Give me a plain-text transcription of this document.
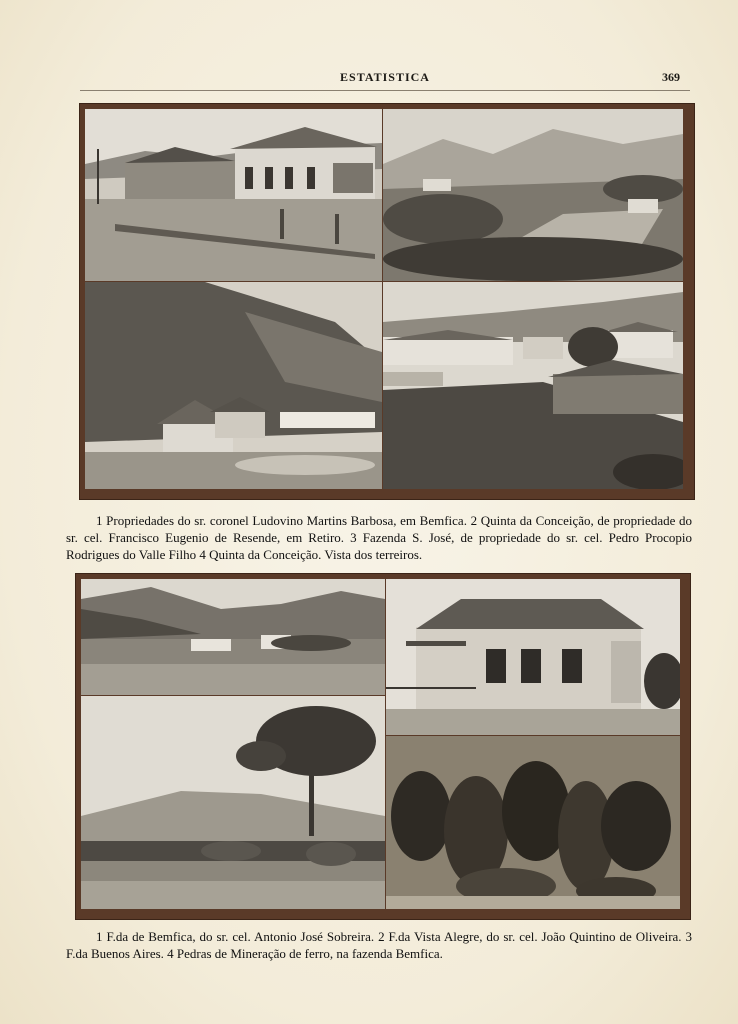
ESTATISTICA	369

1 Propriedades do sr. coronel Ludovino Martins Barbosa, em Bemfica. 2 Quinta da Conceição, de propriedade do sr. cel. Francisco Eugenio de Resende, em Retiro. 3 Fazenda S. José, de propriedade do sr. cel. Pedro Procopio Rodrigues do Valle Filho 4 Quinta da Conceição. Vista dos terreiros.

1 F.da de Bemfica, do sr. cel. Antonio José Sobreira. 2 F.da Vista Alegre, do sr. cel. João Quintino de Oliveira. 3 F.da Buenos Aires. 4 Pedras de Mineração de ferro, na fazenda Bemfica.
